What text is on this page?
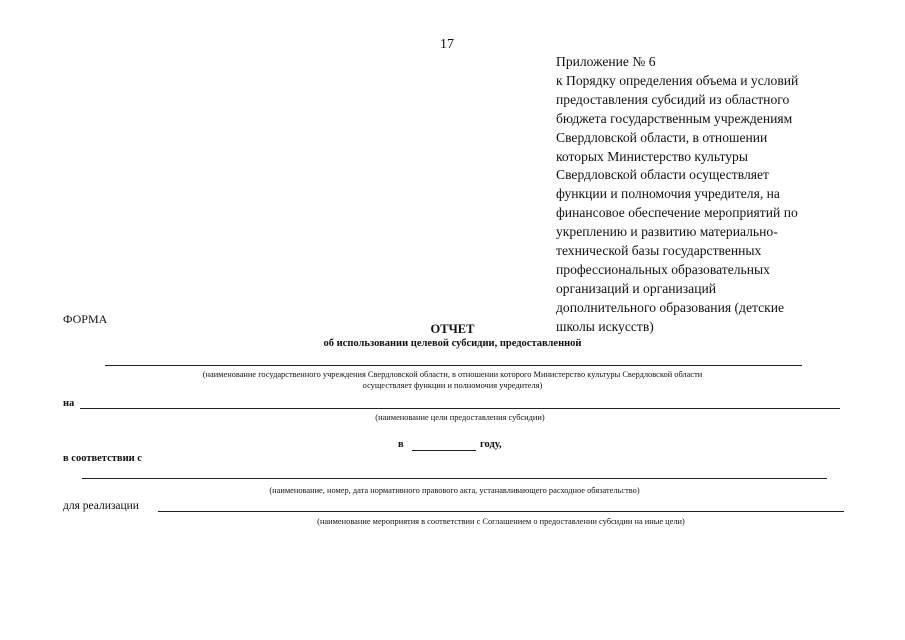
17
Приложение № 6
к Порядку определения объема и условий
предоставления субсидий из областного
бюджета государственным учреждениям
Свердловской области, в отношении
которых Министерство культуры
Свердловской области осуществляет
функции и полномочия учредителя, на
финансовое обеспечение мероприятий по
укреплению и развитию материально-
технической базы государственных
профессиональных образовательных
организаций и организаций
дополнительного образования (детские
школы искусств)
ФОРМА
ОТЧЕТ
об использовании целевой субсидии, предоставленной
(наименование государственного учреждения Свердловской области, в отношении которого Министерство культуры Свердловской области
осуществляет функции и полномочия учредителя)
на
(наименование цели предоставления субсидии)
в	году,
в соответствии с
(наименование, номер, дата нормативного правового акта, устанавливающего расходное обязательство)
для реализации
(наименование мероприятия в соответствии с Соглашением о предоставлении субсидии на иные цели)
